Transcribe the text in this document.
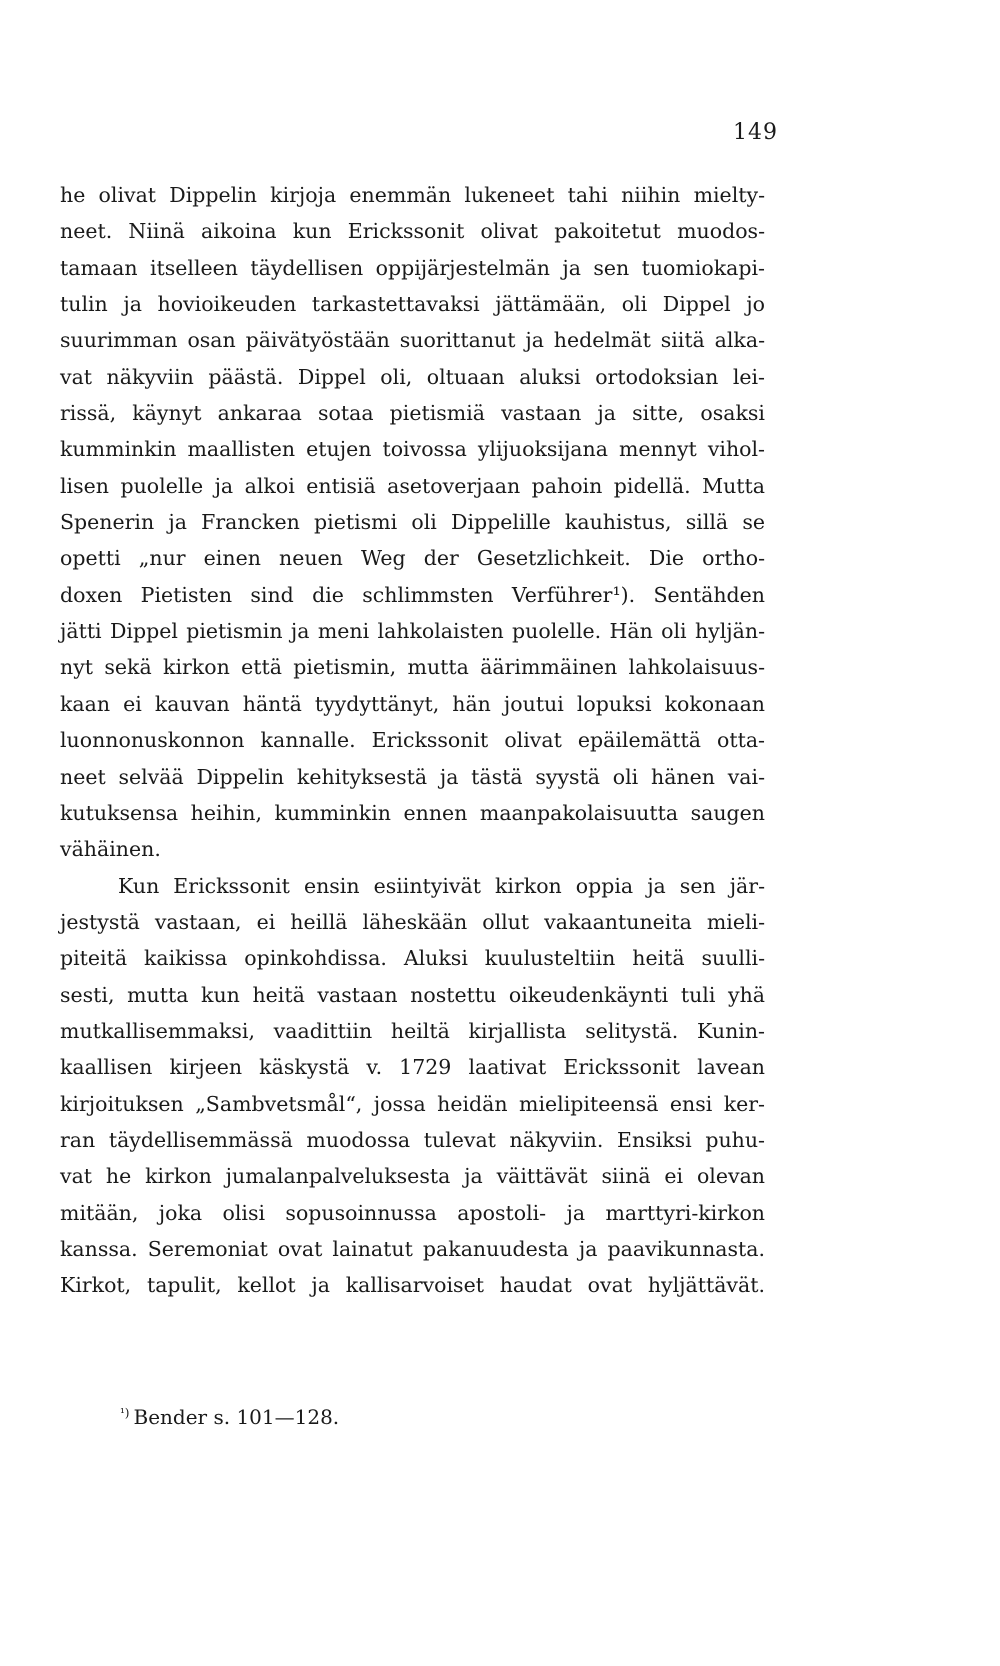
149

he olivat Dippelin kirjoja enemmän lukeneet tahi niihin mielty-
neet. Niinä aikoina kun Erickssonit olivat pakoitetut muodos-
tamaan itselleen täydellisen oppijärjestelmän ja sen tuomiokapi-
tulin ja hovioikeuden tarkastettavaksi jättämään, oli Dippel jo
suurimman osan päivätyöstään suorittanut ja hedelmät siitä alka-
vat näkyviin päästä. Dippel oli, oltuaan aluksi ortodoksian lei-
rissä, käynyt ankaraa sotaa pietismiä vastaan ja sitte, osaksi
kumminkin maallisten etujen toivossa ylijuoksijana mennyt vihol-
lisen puolelle ja alkoi entisiä asetoverjaan pahoin pidellä. Mutta
Spenerin ja Francken pietismi oli Dippelille kauhistus, sillä se
opetti „nur einen neuen Weg der Gesetzlichkeit. Die ortho-
doxen Pietisten sind die schlimmsten Verführer¹). Sentähden
jätti Dippel pietismin ja meni lahkolaisten puolelle. Hän oli hyljän-
nyt sekä kirkon että pietismin, mutta äärimmäinen lahkolaisuus-
kaan ei kauvan häntä tyydyttänyt, hän joutui lopuksi kokonaan
luonnonuskonnon kannalle. Erickssonit olivat epäilemättä otta-
neet selvää Dippelin kehityksestä ja tästä syystä oli hänen vai-
kutuksensa heihin, kumminkin ennen maanpakolaisuutta saugen
vähäinen.

Kun Erickssonit ensin esiintyivät kirkon oppia ja sen jär-
jestystä vastaan, ei heillä läheskään ollut vakaantuneita mieli-
piteitä kaikissa opinkohdissa. Aluksi kuulusteltiin heitä suulli-
sesti, mutta kun heitä vastaan nostettu oikeudenkäynti tuli yhä
mutkallisemmaksi, vaadittiin heiltä kirjallista selitystä. Kunin-
kaallisen kirjeen käskystä v. 1729 laativat Erickssonit lavean
kirjoituksen „Sambvetsmål“, jossa heidän mielipiteensä ensi ker-
ran täydellisemmässä muodossa tulevat näkyviin. Ensiksi puhu-
vat he kirkon jumalanpalveluksesta ja väittävät siinä ei olevan
mitään, joka olisi sopusoinnussa apostoli- ja marttyri-kirkon
kanssa. Seremoniat ovat lainatut pakanuudesta ja paavikunnasta.
Kirkot, tapulit, kellot ja kallisarvoiset haudat ovat hyljättävät.

$^{^1)}$ Bender s. 101—128.
